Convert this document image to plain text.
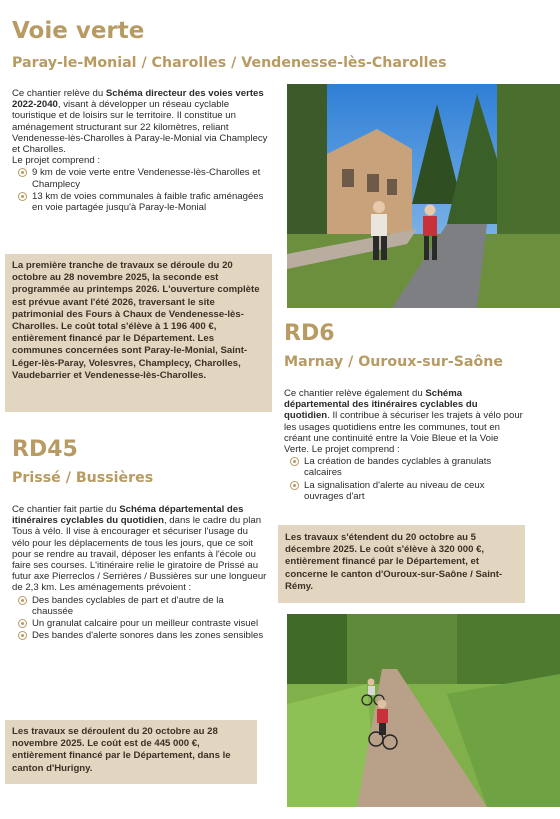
Voie verte
Paray-le-Monial / Charolles / Vendenesse-lès-Charolles
Ce chantier relève du Schéma directeur des voies vertes 2022-2040, visant à développer un réseau cyclable touristique et de loisirs sur le territoire. Il constitue un aménagement structurant sur 22 kilomètres, reliant Vendenesse-lès-Charolles à Paray-le-Monial via Champlecy et Charolles.
Le projet comprend :
9 km de voie verte entre Vendenesse-lès-Charolles et Champlecy
13 km de voies communales à faible trafic aménagées en voie partagée jusqu'à Paray-le-Monial
La première tranche de travaux se déroule du 20 octobre au 28 novembre 2025, la seconde est programmée au printemps 2026. L'ouverture complète est prévue avant l'été 2026, traversant le site patrimonial des Fours à Chaux de Vendenesse-lès-Charolles. Le coût total s'élève à 1 196 400 €, entièrement financé par le Département. Les communes concernées sont Paray-le-Monial, Saint-Léger-lès-Paray, Volesvres, Champlecy, Charolles, Vaudebarrier et Vendenesse-lès-Charolles.
RD6
Marnay / Ouroux-sur-Saône
Ce chantier relève également du Schéma départemental des itinéraires cyclables du quotidien. Il contribue à sécuriser les trajets à vélo pour les usages quotidiens entre les communes, tout en créant une continuité entre la Voie Bleue et la Voie Verte. Le projet comprend :
La création de bandes cyclables à granulats calcaires
La signalisation d'alerte au niveau de ceux ouvrages d'art
Les travaux s'étendent du 20 octobre au 5 décembre 2025. Le coût s'élève à 320 000 €, entièrement financé par le Département, et concerne le canton d'Ouroux-sur-Saône / Saint-Rémy.
RD45
Prissé / Bussières
Ce chantier fait partie du Schéma départemental des itinéraires cyclables du quotidien, dans le cadre du plan Tous à vélo. Il vise à encourager et sécuriser l'usage du vélo pour les déplacements de tous les jours, que ce soit pour se rendre au travail, déposer les enfants à l'école ou faire ses courses. L'itinéraire relie le giratoire de Prissé au futur axe Pierreclos / Serrières / Bussières sur une longueur de 2,3 km. Les aménagements prévoient :
Des bandes cyclables de part et d'autre de la chaussée
Un granulat calcaire pour un meilleur contraste visuel
Des bandes d'alerte sonores dans les zones sensibles
Les travaux se déroulent du 20 octobre au 28 novembre 2025. Le coût est de 445 000 €, entièrement financé par le Département, dans le canton d'Hurigny.
